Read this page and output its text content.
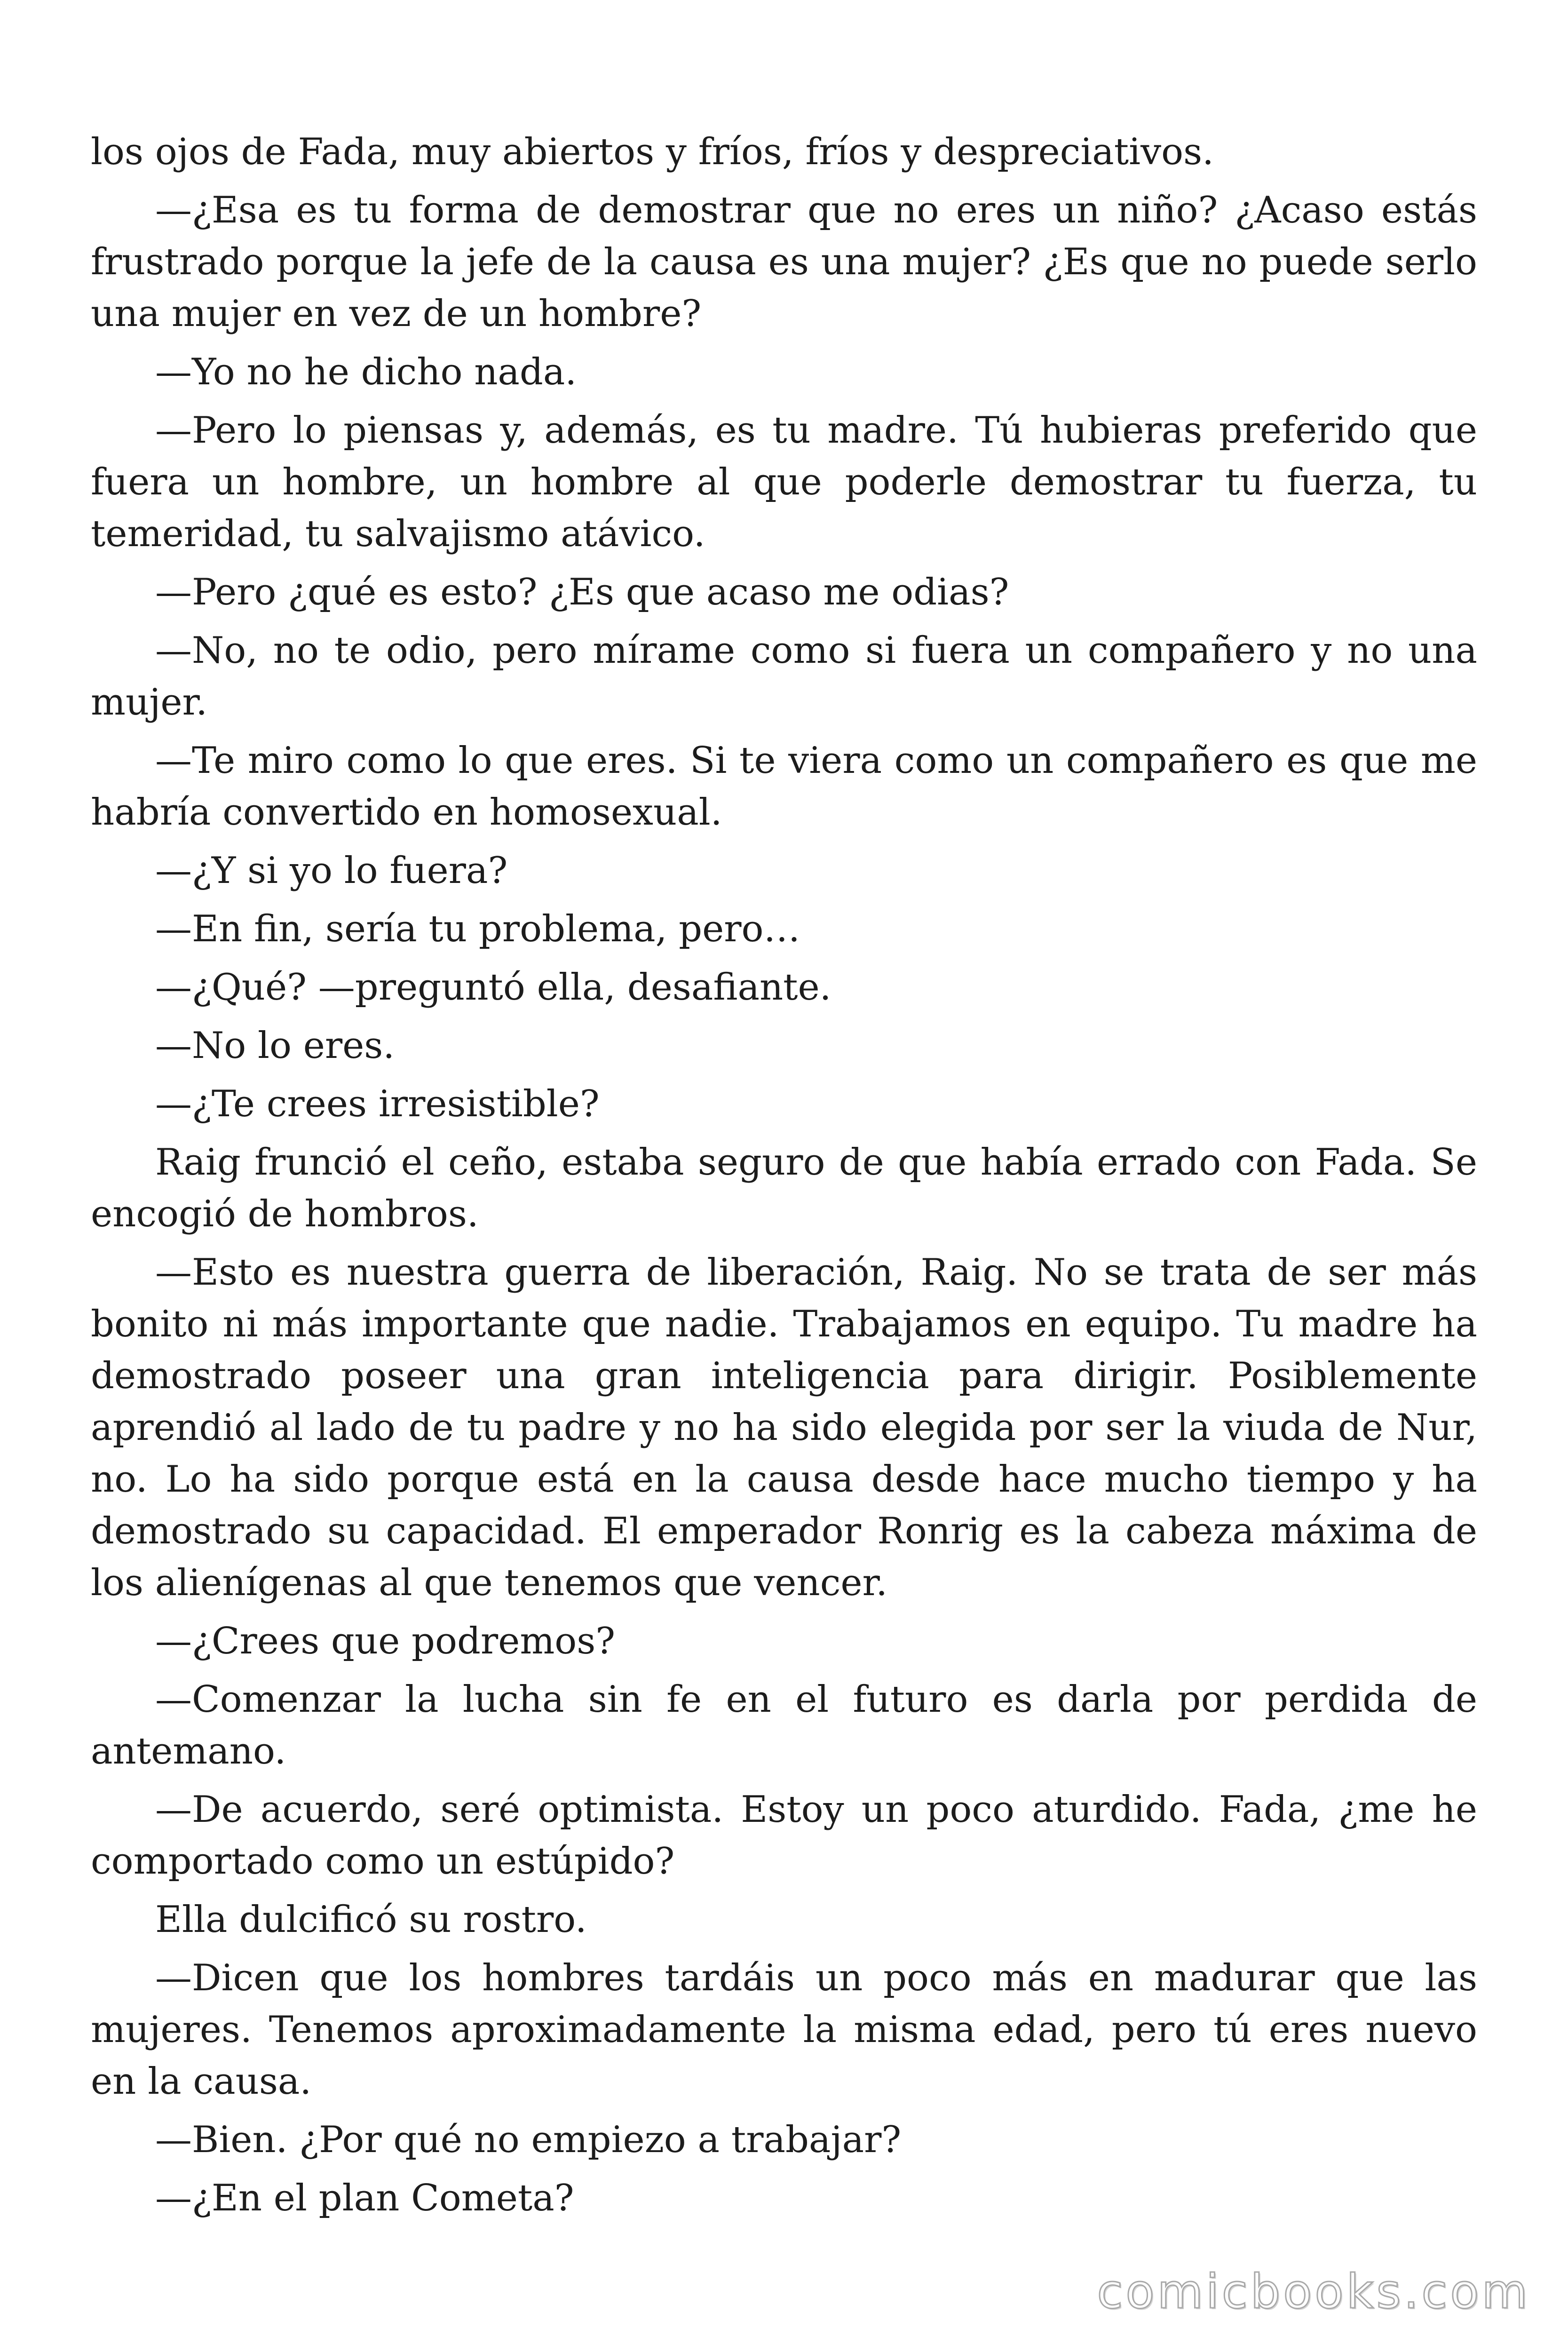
los ojos de Fada, muy abiertos y fríos, fríos y despreciativos.

—¿Esa es tu forma de demostrar que no eres un niño? ¿Acaso estás frustrado porque la jefe de la causa es una mujer? ¿Es que no puede serlo una mujer en vez de un hombre?

—Yo no he dicho nada.

—Pero lo piensas y, además, es tu madre. Tú hubieras preferido que fuera un hombre, un hombre al que poderle demostrar tu fuerza, tu temeridad, tu salvajismo atávico.

—Pero ¿qué es esto? ¿Es que acaso me odias?

—No, no te odio, pero mírame como si fuera un compañero y no una mujer.

—Te miro como lo que eres. Si te viera como un compañero es que me habría convertido en homosexual.

—¿Y si yo lo fuera?

—En fin, sería tu problema, pero…

—¿Qué? —preguntó ella, desafiante.

—No lo eres.

—¿Te crees irresistible?

Raig frunció el ceño, estaba seguro de que había errado con Fada. Se encogió de hombros.

—Esto es nuestra guerra de liberación, Raig. No se trata de ser más bonito ni más importante que nadie. Trabajamos en equipo. Tu madre ha demostrado poseer una gran inteligencia para dirigir. Posiblemente aprendió al lado de tu padre y no ha sido elegida por ser la viuda de Nur, no. Lo ha sido porque está en la causa desde hace mucho tiempo y ha demostrado su capacidad. El emperador Ronrig es la cabeza máxima de los alienígenas al que tenemos que vencer.

—¿Crees que podremos?

—Comenzar la lucha sin fe en el futuro es darla por perdida de antemano.

—De acuerdo, seré optimista. Estoy un poco aturdido. Fada, ¿me he comportado como un estúpido?

Ella dulcificó su rostro.

—Dicen que los hombres tardáis un poco más en madurar que las mujeres. Tenemos aproximadamente la misma edad, pero tú eres nuevo en la causa.

—Bien. ¿Por qué no empiezo a trabajar?

—¿En el plan Cometa?

comicbooks.com
